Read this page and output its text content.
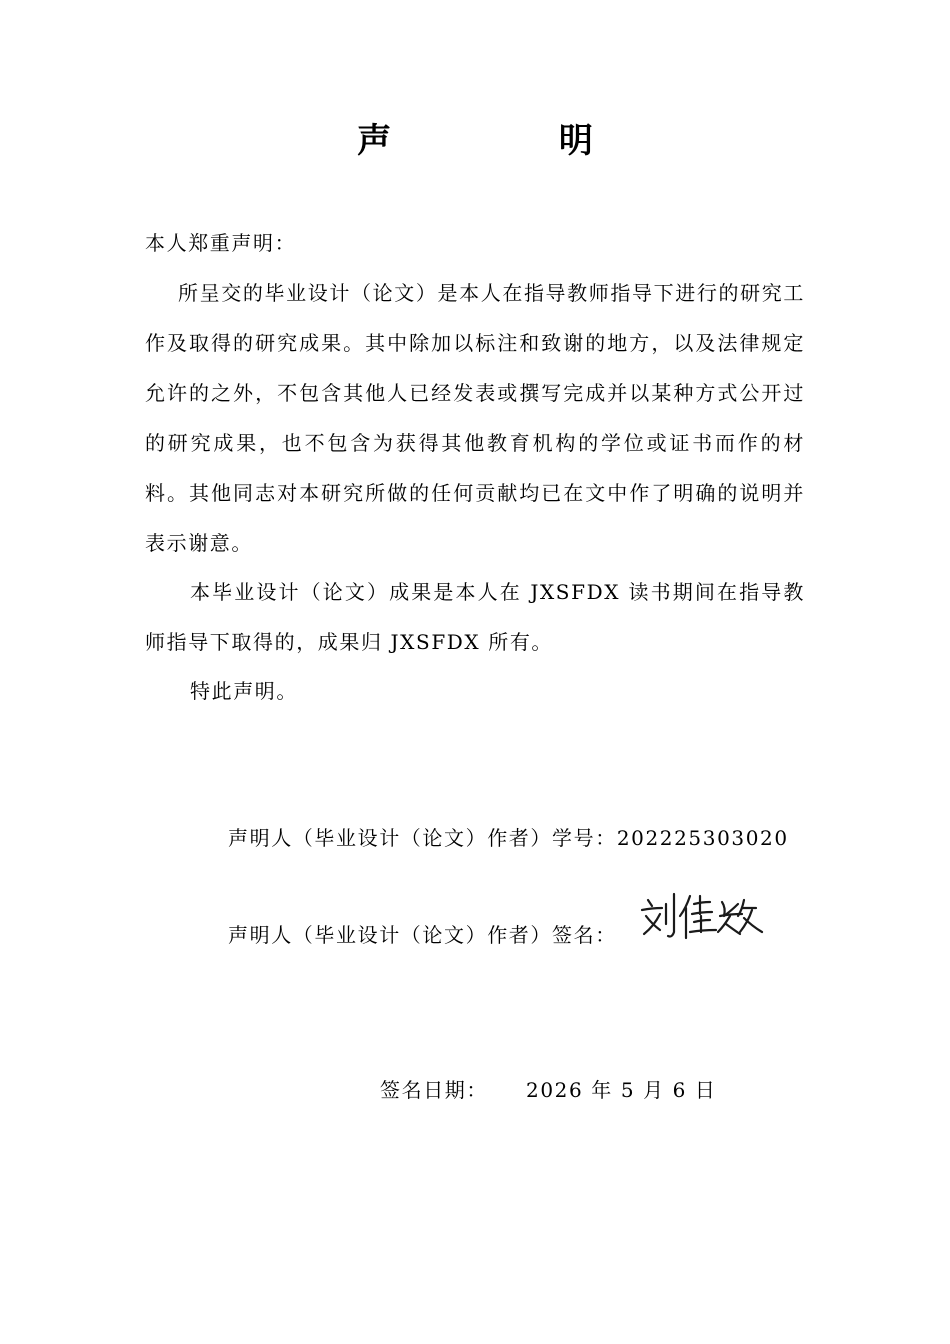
声 明
本人郑重声明：
所呈交的毕业设计（论文）是本人在指导教师指导下进行的研究工作及取得的研究成果。其中除加以标注和致谢的地方，以及法律规定允许的之外，不包含其他人已经发表或撰写完成并以某种方式公开过的研究成果，也不包含为获得其他教育机构的学位或证书而作的材料。其他同志对本研究所做的任何贡献均已在文中作了明确的说明并表示谢意。
本毕业设计（论文）成果是本人在 JXSFDX 读书期间在指导教师指导下取得的，成果归 JXSFDX 所有。
特此声明。
声明人（毕业设计（论文）作者）学号：202225303020
声明人（毕业设计（论文）作者）签名：
签名日期： 2026 年 5 月 6 日
